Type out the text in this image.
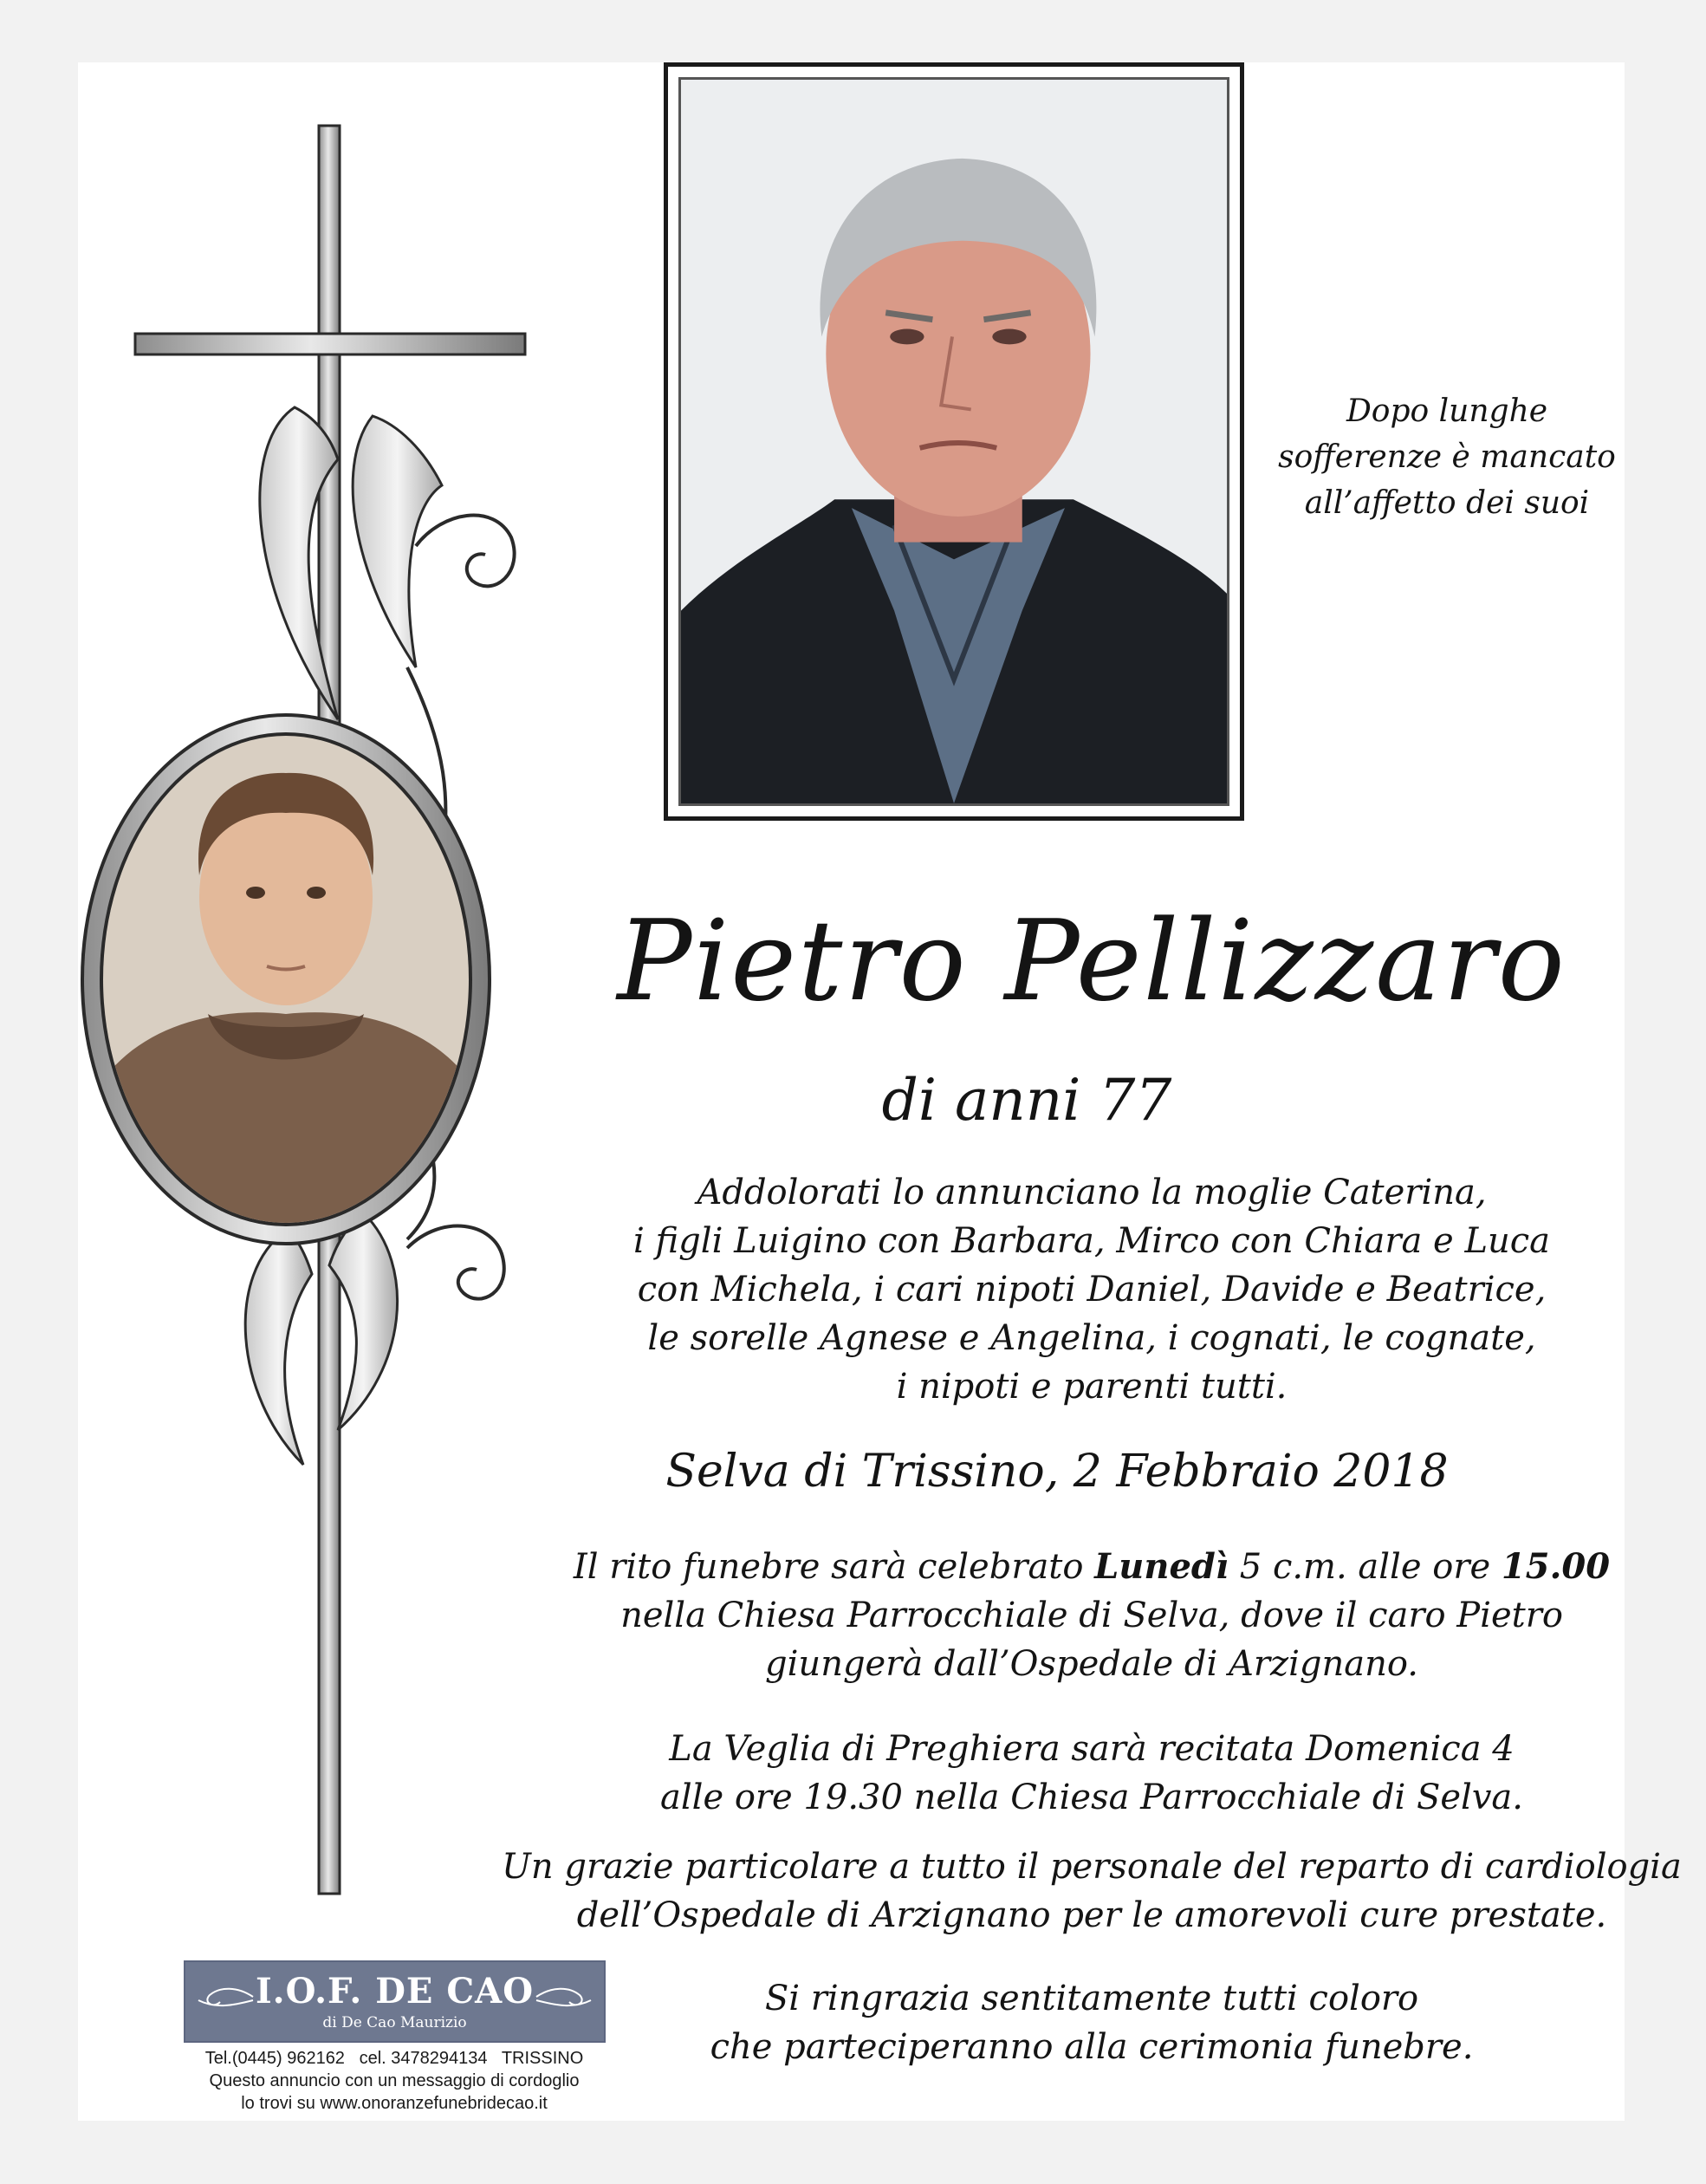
Dopo lunghe
sofferenze è mancato
all’affetto dei suoi
Pietro Pellizzaro
di anni 77
Addolorati lo annunciano la moglie Caterina,
i figli Luigino con Barbara, Mirco con Chiara e Luca
con Michela, i cari nipoti Daniel, Davide e Beatrice,
le sorelle Agnese e Angelina, i cognati, le cognate,
i nipoti e parenti tutti.
Selva di Trissino, 2 Febbraio 2018
Il rito funebre sarà celebrato Lunedì 5 c.m. alle ore 15.00
nella Chiesa Parrocchiale di Selva, dove il caro Pietro
giungerà dall’Ospedale di Arzignano.
La Veglia di Preghiera sarà recitata Domenica 4
alle ore 19.30 nella Chiesa Parrocchiale di Selva.
Un grazie particolare a tutto il personale del reparto di cardiologia
dell’Ospedale di Arzignano per le amorevoli cure prestate.
Si ringrazia sentitamente tutti coloro
che parteciperanno alla cerimonia funebre.
I.O.F. DE CAO
di De Cao Maurizio
Tel.(0445) 962162   cel. 3478294134   TRISSINO
Questo annuncio con un messaggio di cordoglio
lo trovi su www.onoranzefunebridecao.it
